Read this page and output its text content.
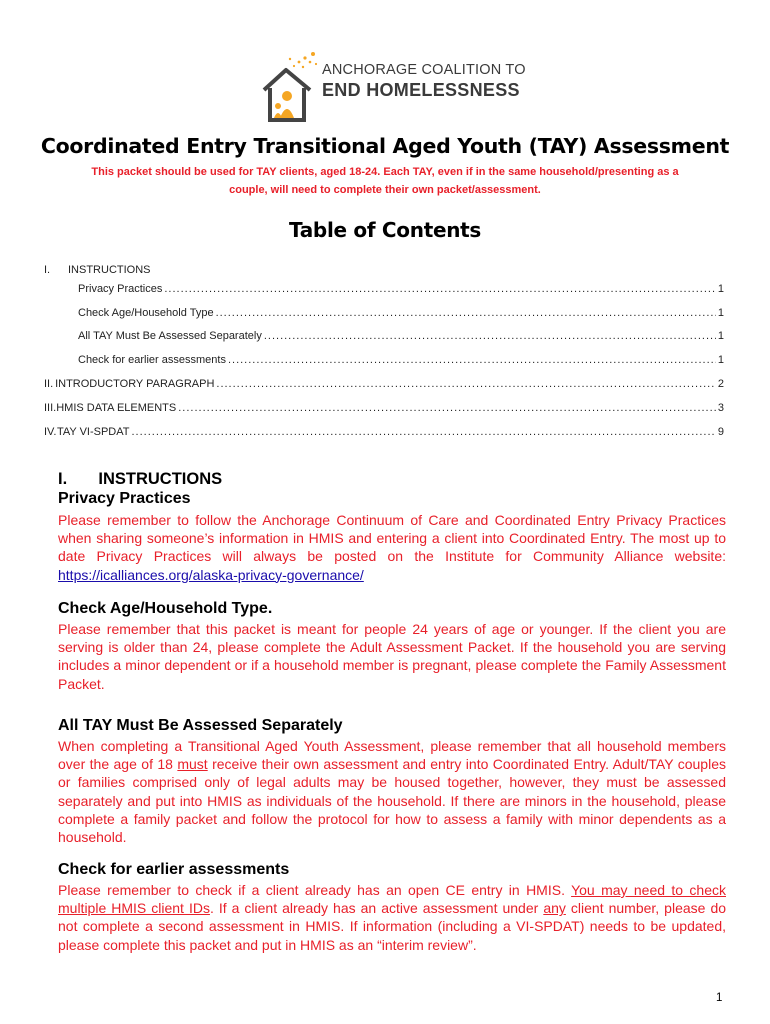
ANCHORAGE COALITION TO
END HOMELESSNESS
Coordinated Entry Transitional Aged Youth (TAY) Assessment
This packet should be used for TAY clients, aged 18-24. Each TAY, even if in the same household/presenting as a
couple, will need to complete their own packet/assessment.
Table of Contents
I.	INSTRUCTIONS
Privacy Practices .....	1
Check Age/Household Type .....	1
All TAY Must Be Assessed Separately .....	1
Check for earlier assessments .....	1
II. INTRODUCTORY PARAGRAPH .....	2
III. HMIS DATA ELEMENTS .....	3
IV. TAY VI-SPDAT .....	9
I. INSTRUCTIONS
Privacy Practices
Please remember to follow the Anchorage Continuum of Care and Coordinated Entry Privacy Practices when sharing someone’s information in HMIS and entering a client into Coordinated Entry. The most up to date Privacy Practices will always be posted on the Institute for Community Alliance website: https://icalliances.org/alaska-privacy-governance/
Check Age/Household Type.
Please remember that this packet is meant for people 24 years of age or younger. If the client you are serving is older than 24, please complete the Adult Assessment Packet. If the household you are serving includes a minor dependent or if a household member is pregnant, please complete the Family Assessment Packet.
All TAY Must Be Assessed Separately
When completing a Transitional Aged Youth Assessment, please remember that all household members over the age of 18 must receive their own assessment and entry into Coordinated Entry. Adult/TAY couples or families comprised only of legal adults may be housed together, however, they must be assessed separately and put into HMIS as individuals of the household. If there are minors in the household, please complete a family packet and follow the protocol for how to assess a family with minor dependents as a household.
Check for earlier assessments
Please remember to check if a client already has an open CE entry in HMIS. You may need to check multiple HMIS client IDs. If a client already has an active assessment under any client number, please do not complete a second assessment in HMIS. If information (including a VI-SPDAT) needs to be updated, please complete this packet and put in HMIS as an “interim review”.
1
